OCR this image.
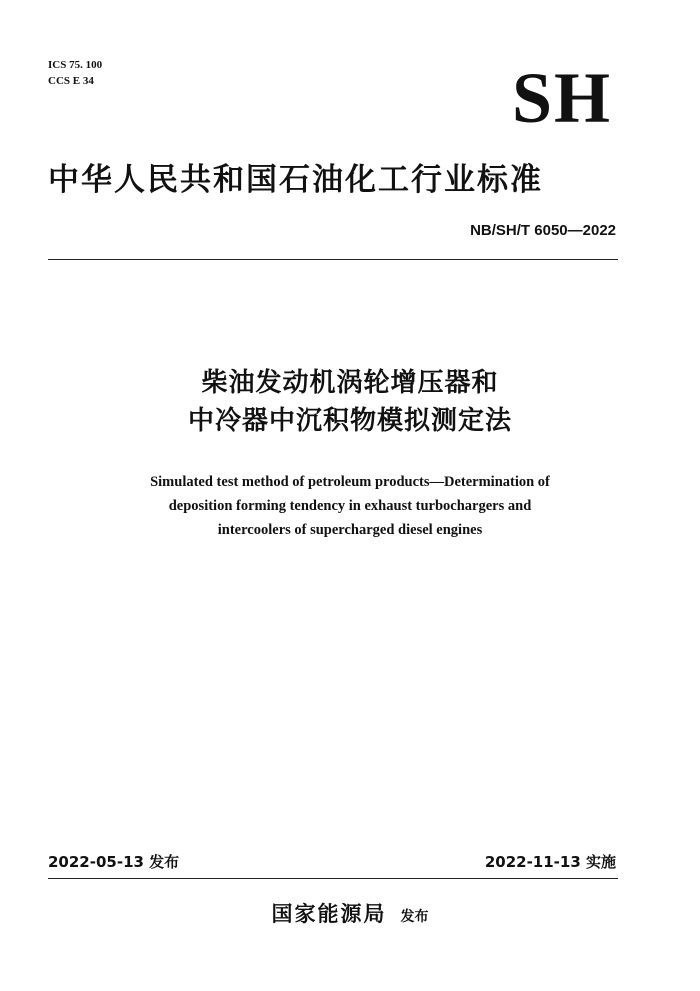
ICS 75. 100
CCS E 34	SH
中华人民共和国石油化工行业标准
NB/SH/T 6050—2022
柴油发动机涡轮增压器和
中冷器中沉积物模拟测定法
Simulated test method of petroleum products—Determination of
deposition forming tendency in exhaust turbochargers and
intercoolers of supercharged diesel engines
2022-05-13 发布	2022-11-13 实施
国家能源局 发布
